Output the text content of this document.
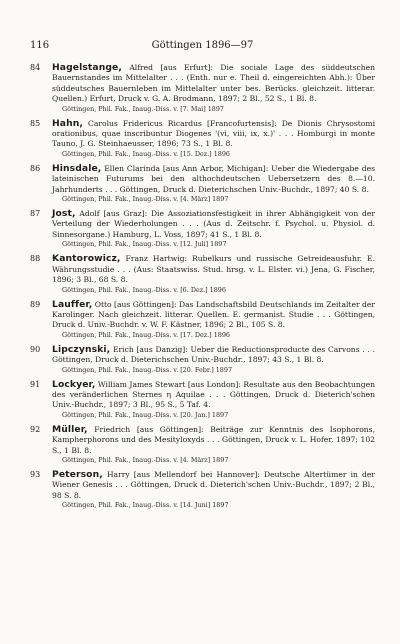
116	Göttingen 1896—97
84 Hagelstange, Alfred [aus Erfurt]: Die sociale Lage des süddeutschen Bauernstandes im Mittelalter . . . (Enth. nur e. Theil d. eingereichten Abh.): Über süddeutsches Bauernleben im Mittelalter unter bes. Berücks. gleichzeit. litterar. Quellen.) Erfurt, Druck v. G. A. Brodmann, 1897; 2 Bl., 52 S., 1 Bl. 8.
Göttingen, Phil. Fak., Inaug.-Diss. v. [7. Mai] 1897
85 Hahn, Carolus Fridericus Ricardus [Francofurtensis]: De Dionis Chrysostomi orationibus, quae inscribuntur Diogenes '(vi, viii, ix, x.)' . . . Homburgi in monte Tauno, J. G. Steinhaeusser, 1896; 73 S., 1 Bl. 8.
Göttingen, Phil. Fak., Inaug.-Diss. v. [15. Dez.] 1896
86 Hinsdale, Ellen Clarinda [aus Ann Arbor, Michigan]: Ueber die Wiedergabe des lateinischen Futurums bei den althochdeutschen Uebersetzern des 8.—10. Jahrhunderts . . . Göttingen, Druck d. Dieterichschen Univ.-Buchdr., 1897; 40 S. 8.
Göttingen, Phil. Fak., Inaug.-Diss. v. [4. März] 1897
87 Jost, Adolf [aus Graz]: Die Assoziationsfestigkeit in ihrer Abhängigkeit von der Verteilung der Wiederholungen . . . (Aus d. Zeitschr. f. Psychol. u. Physiol. d. Sinnesorgane.) Hamburg, L. Voss, 1897; 41 S., 1 Bl. 8.
Göttingen, Phil. Fak., Inaug.-Diss. v. [12. Juli] 1897
88 Kantorowicz, Franz Hartwig: Rubelkurs und russische Getreideausfuhr. E. Währungsstudie . . . (Aus: Staatswiss. Stud. hrsg. v. L. Elster. vi.) Jena, G. Fischer, 1896; 3 Bl., 68 S. 8.
Göttingen, Phil. Fak., Inaug.-Diss. v. [6. Dez.] 1896
89 Lauffer, Otto [aus Göttingen]: Das Landschaftsbild Deutschlands im Zeitalter der Karolinger. Nach gleichzeit. litterar. Quellen. E. germanist. Studie . . . Göttingen, Druck d. Univ.-Buchdr. v. W. F. Kästner, 1896; 2 Bl., 105 S. 8.
Göttingen, Phil. Fak., Inaug.-Diss. v. [17. Dez.] 1896
90 Lipczynski, Erich [aus Danzig]: Ueber die Reductionsproducte des Carvons . . . Göttingen, Druck d. Dieterichschen Univ.-Buchdr., 1897; 43 S., 1 Bl. 8.
Göttingen, Phil. Fak., Inaug.-Diss. v. [20. Febr.] 1897
91 Lockyer, William James Stewart [aus London]: Resultate aus den Beobachtungen des veränderlichen Sternes η Aquilae . . . Göttingen, Druck d. Dieterich'schen Univ.-Buchdr., 1897; 3 Bl., 95 S., 5 Taf. 4.
Göttingen, Phil. Fak., Inaug.-Diss. v. [20. Jan.] 1897
92 Müller, Friedrich [aus Göttingen]: Beiträge zur Kenntnis des Isophorons, Kampherphorons und des Mesityloxyds . . . Göttingen, Druck v. L. Hofer, 1897; 102 S., 1 Bl. 8.
Göttingen, Phil. Fak., Inaug.-Diss. v. [4. März] 1897
93 Peterson, Harry [aus Mellendorf bei Hannover]: Deutsche Altertümer in der Wiener Genesis . . . Göttingen, Druck d. Dieterich'schen Univ.-Buchdr., 1897; 2 Bl., 98 S. 8.
Göttingen, Phil. Fak., Inaug.-Diss. v. [14. Juni] 1897
